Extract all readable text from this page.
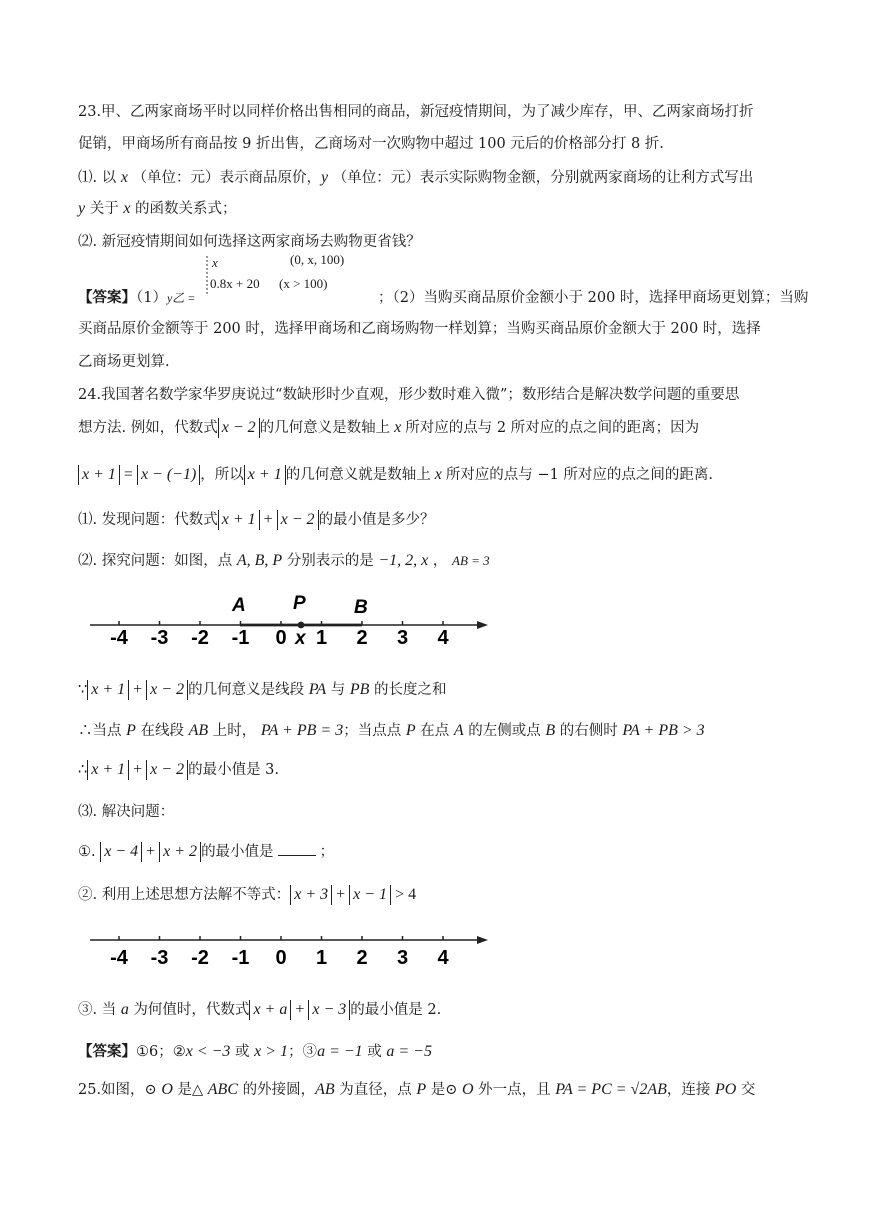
23.甲、乙两家商场平时以同样价格出售相同的商品，新冠疫情期间，为了减少库存，甲、乙两家商场打折
促销，甲商场所有商品按 9 折出售，乙商场对一次购物中超过 100 元后的价格部分打 8 折.
⑴. 以 x （单位：元）表示商品原价，y （单位：元）表示实际购物金额，分别就两家商场的让利方式写出
y 关于 x 的函数关系式；
⑵. 新冠疫情期间如何选择这两家商场去购物更省钱？
【答案】（1）y乙 =	；（2）当购买商品原价金额小于 200 时，选择甲商场更划算；当购
x	(0, x, 100)
0.8x + 20 (x > 100)
买商品原价金额等于 200 时，选择甲商场和乙商场购物一样划算；当购买商品原价金额大于 200 时，选择
乙商场更划算.
24.我国著名数学家华罗庚说过“数缺形时少直观，形少数时难入微”；数形结合是解决数学问题的重要思
想方法. 例如，代数式 x − 2 的几何意义是数轴上 x 所对应的点与 2 所对应的点之间的距离；因为
x + 1 = x − (−1) ，所以 x + 1 的几何意义就是数轴上 x 所对应的点与 −1 所对应的点之间的距离.
⑴. 发现问题：代数式 x + 1 + x − 2 的最小值是多少？
⑵. 探究问题：如图，点 A, B, P 分别表示的是 −1, 2, x ， AB = 3
-4 -3 -2 -1 0 1 2 3 4
A P	B
x
∵ x + 1 + x − 2 的几何意义是线段 PA 与 PB 的长度之和
∴当点 P 在线段 AB 上时， PA + PB = 3；当点点 P 在点 A 的左侧或点 B 的右侧时 PA + PB > 3
∴ x + 1 + x − 2 的最小值是 3.
⑶. 解决问题：
①. x − 4 + x + 2 的最小值是	；
②. 利用上述思想方法解不等式： x + 3 + x − 1 > 4
-4 -3 -2 -1 0 1 2 3 4
③. 当 a 为何值时，代数式 x + a + x − 3 的最小值是 2.
【答案】①6；②x < −3 或 x > 1；③a = −1 或 a = −5
25.如图，⊙ O 是△ ABC 的外接圆，AB 为直径，点 P 是⊙ O 外一点，且 PA = PC = √2AB，连接 PO 交
